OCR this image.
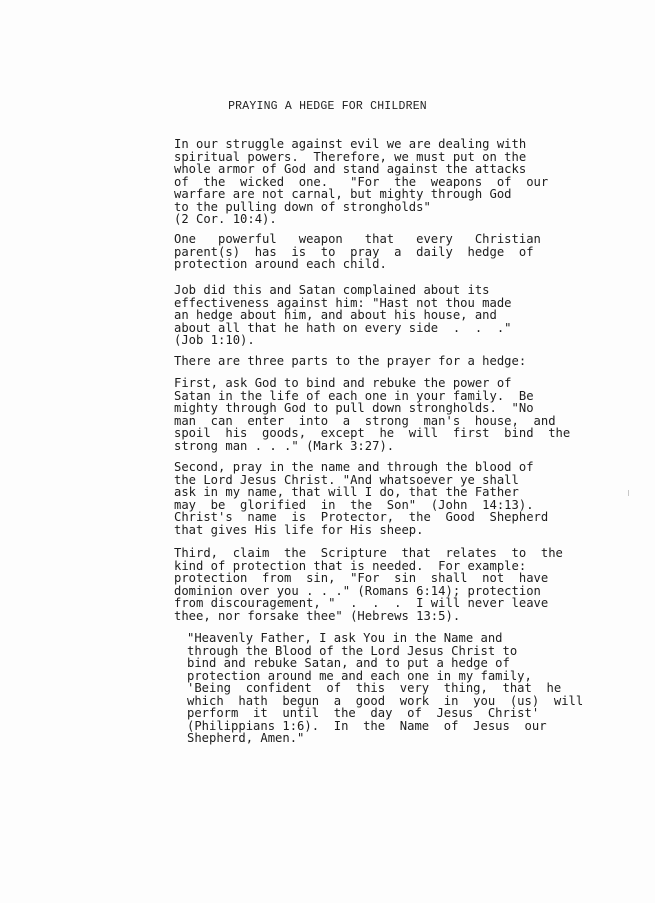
PRAYING A HEDGE FOR CHILDREN
In our struggle against evil we are dealing with
spiritual powers.  Therefore, we must put on the
whole armor of God and stand against the attacks
of  the  wicked  one.   "For  the  weapons  of  our
warfare are not carnal, but mighty through God
to the pulling down of strongholds"
(2 Cor. 10:4).
One   powerful   weapon   that   every   Christian
parent(s)  has  is  to  pray  a  daily  hedge  of
protection around each child.
Job did this and Satan complained about its
effectiveness against him: "Hast not thou made
an hedge about him, and about his house, and
about all that he hath on every side  .  .  ."
(Job 1:10).
There are three parts to the prayer for a hedge:
First, ask God to bind and rebuke the power of
Satan in the life of each one in your family.  Be
mighty through God to pull down strongholds.  "No
man  can  enter  into  a  strong  man's  house,  and
spoil  his  goods,  except  he  will  first  bind  the
strong man . . ." (Mark 3:27).
Second, pray in the name and through the blood of
the Lord Jesus Christ. "And whatsoever ye shall
ask in my name, that will I do, that the Father
may  be  glorified  in  the  Son"  (John  14:13).
Christ's  name  is  Protector,  the  Good  Shepherd
that gives His life for His sheep.
Third,  claim  the  Scripture  that  relates  to  the
kind of protection that is needed.  For example:
protection  from  sin,  "For  sin  shall  not  have
dominion over you . . ." (Romans 6:14); protection
from discouragement, "  .  .  .  I will never leave
thee, nor forsake thee" (Hebrews 13:5).
"Heavenly Father, I ask You in the Name and
through the Blood of the Lord Jesus Christ to
bind and rebuke Satan, and to put a hedge of
protection around me and each one in my family,
'Being  confident  of  this  very  thing,  that  he
which  hath  begun  a  good  work  in  you  (us)  will
perform  it  until  the  day  of  Jesus  Christ'
(Philippians 1:6).  In  the  Name  of  Jesus  our
Shepherd, Amen."
